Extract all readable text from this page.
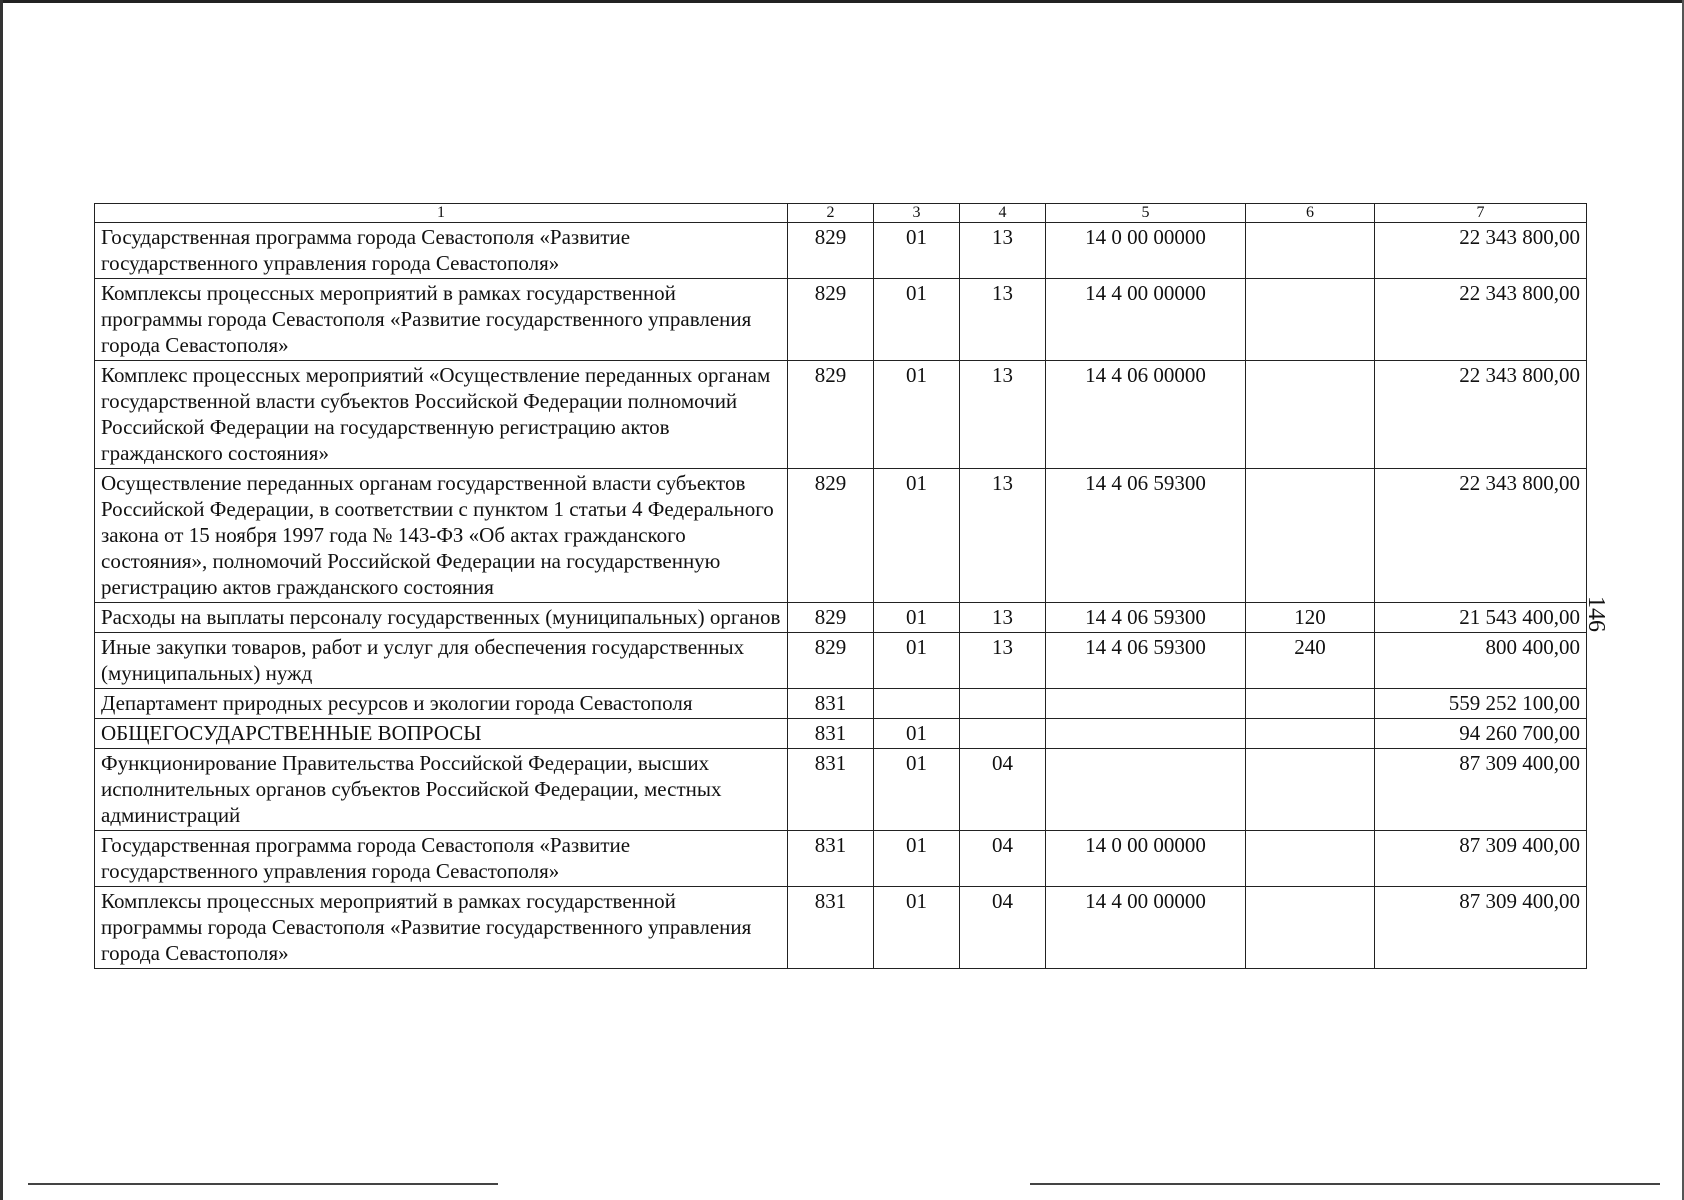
1	2	3	4	5	6	7
Государственная программа города Севастополя «Развитие государственного управления города Севастополя»	829	01	13	14 0 00 00000		22 343 800,00
Комплексы процессных мероприятий в рамках государственной программы города Севастополя «Развитие государственного управления города Севастополя»	829	01	13	14 4 00 00000		22 343 800,00
Комплекс процессных мероприятий «Осуществление переданных органам государственной власти субъектов Российской Федерации полномочий Российской Федерации на государственную регистрацию актов гражданского состояния»	829	01	13	14 4 06 00000		22 343 800,00
Осуществление переданных органам государственной власти субъектов Российской Федерации, в соответствии с пунктом 1 статьи 4 Федерального закона от 15 ноября 1997 года № 143-ФЗ «Об актах гражданского состояния», полномочий Российской Федерации на государственную регистрацию актов гражданского состояния	829	01	13	14 4 06 59300		22 343 800,00
Расходы на выплаты персоналу государственных (муниципальных) органов	829	01	13	14 4 06 59300	120	21 543 400,00
Иные закупки товаров, работ и услуг для обеспечения государственных (муниципальных) нужд	829	01	13	14 4 06 59300	240	800 400,00
Департамент природных ресурсов и экологии города Севастополя	831					559 252 100,00
ОБЩЕГОСУДАРСТВЕННЫЕ ВОПРОСЫ	831	01				94 260 700,00
Функционирование Правительства Российской Федерации, высших исполнительных органов субъектов Российской Федерации, местных администраций	831	01	04			87 309 400,00
Государственная программа города Севастополя «Развитие государственного управления города Севастополя»	831	01	04	14 0 00 00000		87 309 400,00
Комплексы процессных мероприятий в рамках государственной программы города Севастополя «Развитие государственного управления города Севастополя»	831	01	04	14 4 00 00000		87 309 400,00
146
